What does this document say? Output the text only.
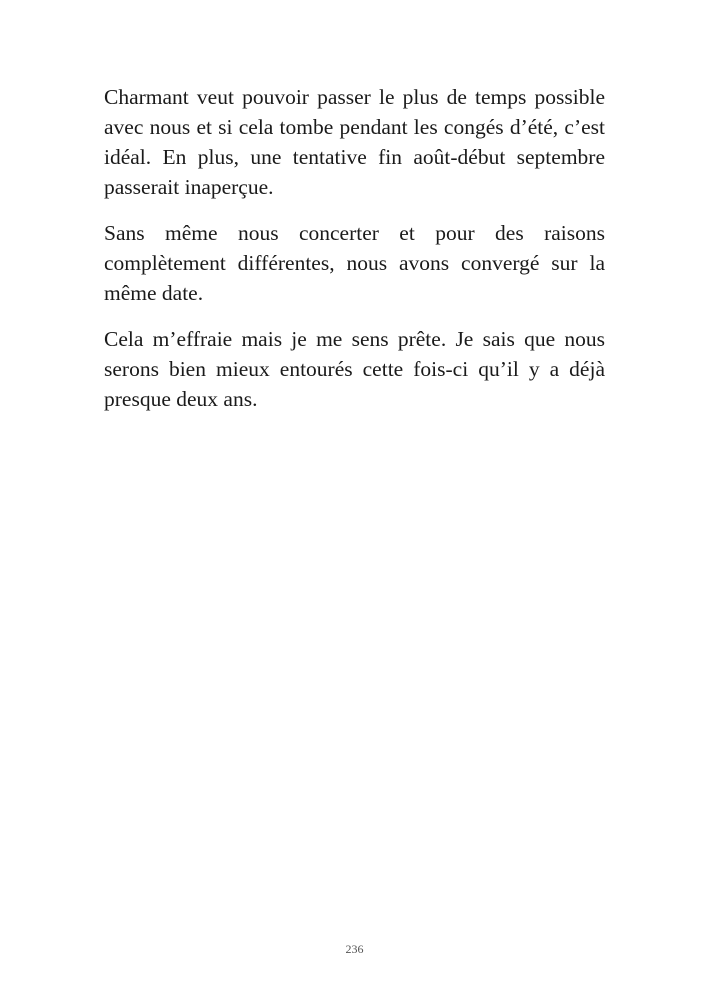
Charmant veut pouvoir passer le plus de temps possible avec nous et si cela tombe pendant les congés d’été, c’est idéal. En plus, une tentative fin août-début septembre passerait inaperçue.

Sans même nous concerter et pour des raisons complètement différentes, nous avons convergé sur la même date.

Cela m’effraie mais je me sens prête. Je sais que nous serons bien mieux entourés cette fois-ci qu’il y a déjà presque deux ans.

236
